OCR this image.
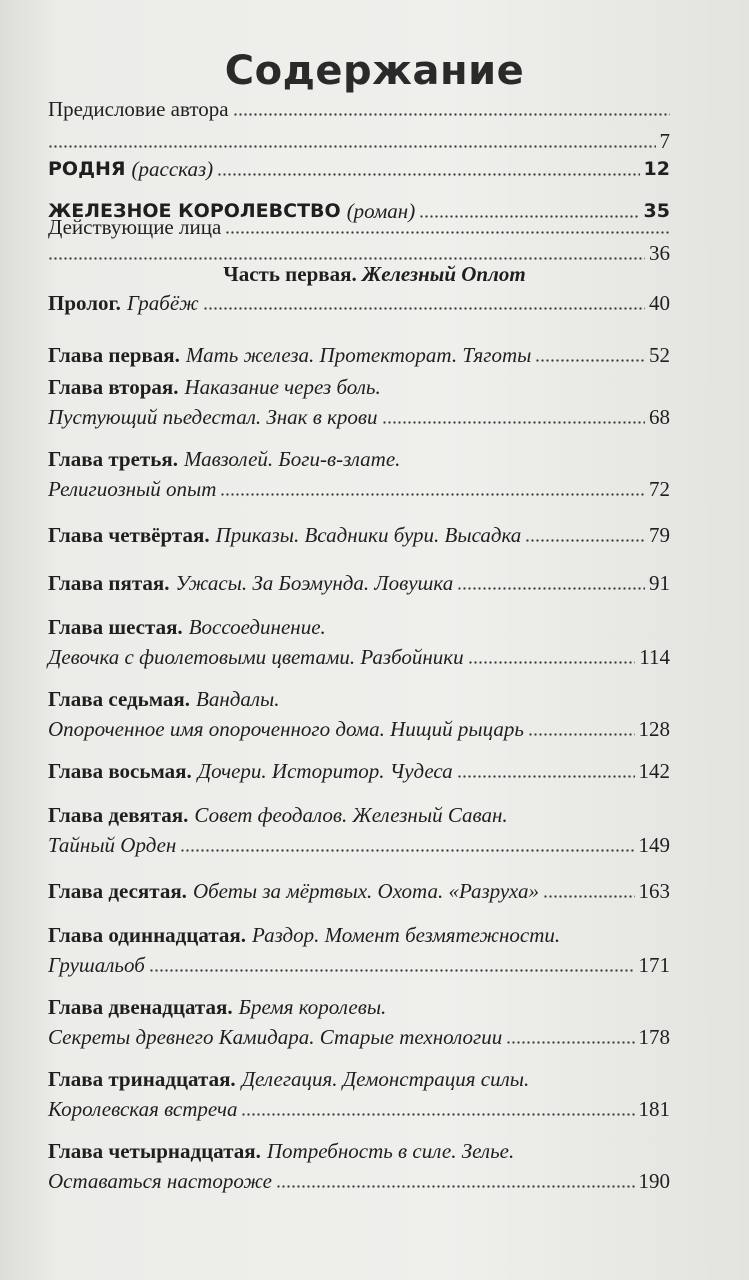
Содержание
Предисловие автора
7
РОДНЯ (рассказ)	12
ЖЕЛЕЗНОЕ КОРОЛЕВСТВО (роман)	35
Действующие лица
36
Часть первая. Железный Оплот
Пролог. Грабёж	40
Глава первая. Мать железа. Протекторат. Тяготы	52
Глава вторая. Наказание через боль.
Пустующий пьедестал. Знак в крови	68
Глава третья. Мавзолей. Боги-в-злате.
Религиозный опыт	72
Глава четвёртая. Приказы. Всадники бури. Высадка	79
Глава пятая. Ужасы. За Боэмунда. Ловушка	91
Глава шестая. Воссоединение.
Девочка с фиолетовыми цветами. Разбойники	114
Глава седьмая. Вандалы.
Опороченное имя опороченного дома. Нищий рыцарь	128
Глава восьмая. Дочери. Историтор. Чудеса	142
Глава девятая. Совет феодалов. Железный Саван.
Тайный Орден	149
Глава десятая. Обеты за мёртвых. Охота. «Разруха»	163
Глава одиннадцатая. Раздор. Момент безмятежности.
Грушальоб	171
Глава двенадцатая. Бремя королевы.
Секреты древнего Камидара. Старые технологии	178
Глава тринадцатая. Делегация. Демонстрация силы.
Королевская встреча	181
Глава четырнадцатая. Потребность в силе. Зелье.
Оставаться настороже	190
